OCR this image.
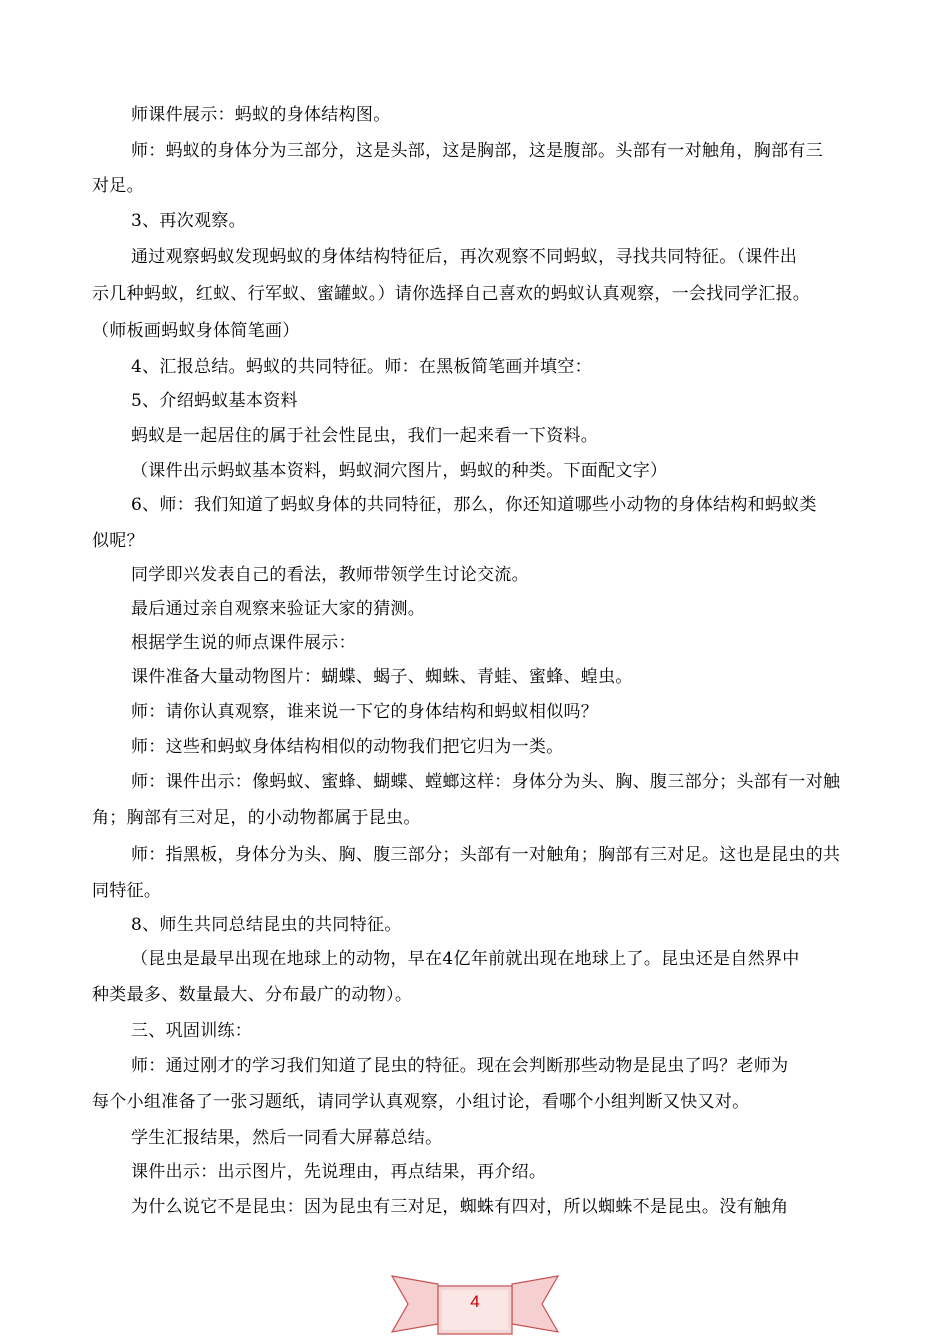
师课件展示：蚂蚁的身体结构图。
师：蚂蚁的身体分为三部分，这是头部，这是胸部，这是腹部。头部有一对触角，胸部有三
对足。
3、再次观察。
通过观察蚂蚁发现蚂蚁的身体结构特征后，再次观察不同蚂蚁，寻找共同特征。（课件出
示几种蚂蚁，红蚁、行军蚁、蜜罐蚁。）请你选择自己喜欢的蚂蚁认真观察，一会找同学汇报。
（师板画蚂蚁身体简笔画）
4、汇报总结。蚂蚁的共同特征。师：在黑板简笔画并填空：
5、介绍蚂蚁基本资料
蚂蚁是一起居住的属于社会性昆虫，我们一起来看一下资料。
（课件出示蚂蚁基本资料，蚂蚁洞穴图片，蚂蚁的种类。下面配文字）
6、师：我们知道了蚂蚁身体的共同特征，那么，你还知道哪些小动物的身体结构和蚂蚁类
似呢？
同学即兴发表自己的看法，教师带领学生讨论交流。
最后通过亲自观察来验证大家的猜测。
根据学生说的师点课件展示：
课件准备大量动物图片：蝴蝶、蝎子、蜘蛛、青蛙、蜜蜂、蝗虫。
师：请你认真观察，谁来说一下它的身体结构和蚂蚁相似吗？
师：这些和蚂蚁身体结构相似的动物我们把它归为一类。
师：课件出示：像蚂蚁、蜜蜂、蝴蝶、螳螂这样：身体分为头、胸、腹三部分；头部有一对触
角；胸部有三对足，的小动物都属于昆虫。
师：指黑板，身体分为头、胸、腹三部分；头部有一对触角；胸部有三对足。这也是昆虫的共
同特征。
8、师生共同总结昆虫的共同特征。
（昆虫是最早出现在地球上的动物，早在4亿年前就出现在地球上了。昆虫还是自然界中
种类最多、数量最大、分布最广的动物）。
三、巩固训练：
师：通过刚才的学习我们知道了昆虫的特征。现在会判断那些动物是昆虫了吗？老师为
每个小组准备了一张习题纸，请同学认真观察，小组讨论，看哪个小组判断又快又对。
学生汇报结果，然后一同看大屏幕总结。
课件出示：出示图片，先说理由，再点结果，再介绍。
为什么说它不是昆虫：因为昆虫有三对足，蜘蛛有四对，所以蜘蛛不是昆虫。没有触角
4
